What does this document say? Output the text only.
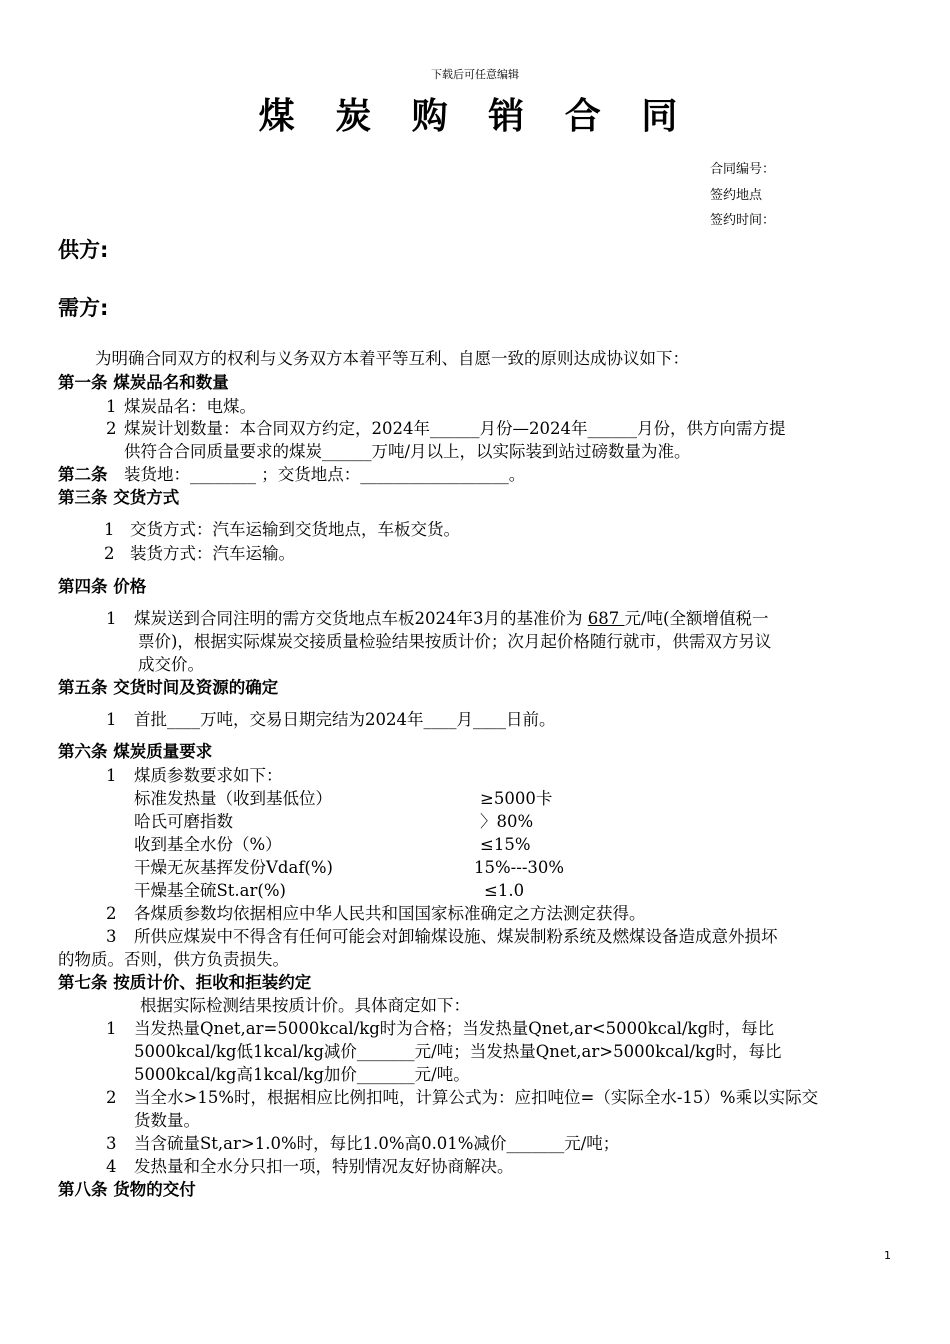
下载后可任意编辑
煤 炭 购 销 合 同
合同编号：
签约地点
签约时间：
供方:
需方:
为明确合同双方的权利与义务双方本着平等互利、自愿一致的原则达成协议如下：
第一条 煤炭品名和数量
1 煤炭品名：电煤。
2 煤炭计划数量：本合同双方约定，2024年______月份—2024年______月份，供方向需方提
供符合合同质量要求的煤炭______万吨/月以上，以实际装到站过磅数量为准。
第二条 装货地：________ ；交货地点：__________________。
第三条 交货方式
1 交货方式：汽车运输到交货地点，车板交货。
2 装货方式：汽车运输。
第四条 价格
1 煤炭送到合同注明的需方交货地点车板2024年3月的基准价为 687 元/吨(全额增值税一
票价)，根据实际煤炭交接质量检验结果按质计价；次月起价格随行就市，供需双方另议
成交价。
第五条 交货时间及资源的确定
1 首批____万吨，交易日期完结为2024年____月____日前。
第六条 煤炭质量要求
1 煤质参数要求如下：
标准发热量（收到基低位）	≥5000卡
哈氏可磨指数	〉80%
收到基全水份（%）	≤15%
干燥无灰基挥发份Vdaf(%)	15%---30%
干燥基全硫St.ar(%)	≤1.0
2 各煤质参数均依据相应中华人民共和国国家标准确定之方法测定获得。
3 所供应煤炭中不得含有任何可能会对卸输煤设施、煤炭制粉系统及燃煤设备造成意外损坏
的物质。否则，供方负责损失。
第七条 按质计价、拒收和拒装约定
根据实际检测结果按质计价。具体商定如下：
1 当发热量Qnet,ar=5000kcal/kg时为合格；当发热量Qnet,ar<5000kcal/kg时，每比
5000kcal/kg低1kcal/kg减价_______元/吨；当发热量Qnet,ar>5000kcal/kg时，每比
5000kcal/kg高1kcal/kg加价_______元/吨。
2 当全水>15%时，根据相应比例扣吨，计算公式为：应扣吨位=（实际全水-15）%乘以实际交
货数量。
3 当含硫量St,ar>1.0%时，每比1.0%高0.01%减价_______元/吨；
4 发热量和全水分只扣一项，特别情况友好协商解决。
第八条 货物的交付
1
